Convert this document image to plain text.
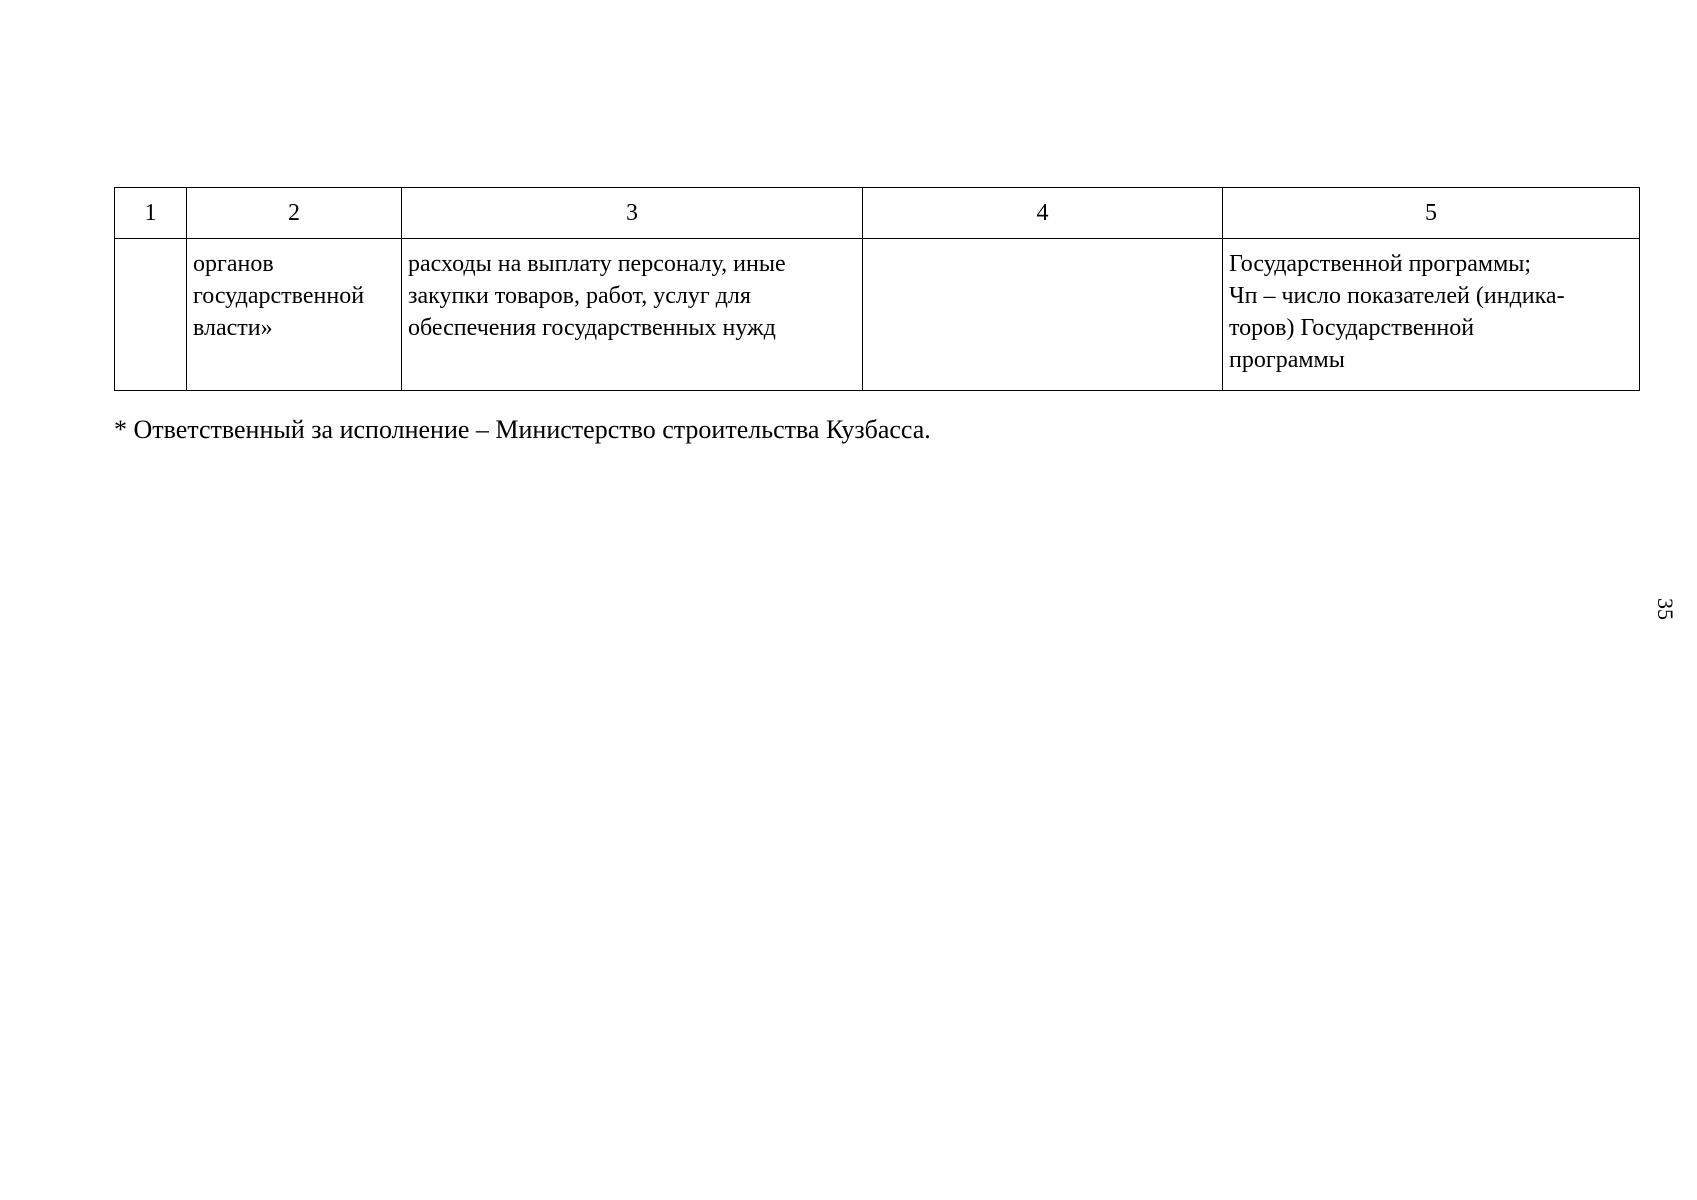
1	2	3	4	5

	органов
государственной
власти»	расходы на выплату персоналу, иные
закупки товаров, работ, услуг для
обеспечения государственных нужд		Государственной программы;
Чп – число показателей (индика-
торов) Государственной
программы
* Ответственный за исполнение – Министерство строительства Кузбасса.
35
